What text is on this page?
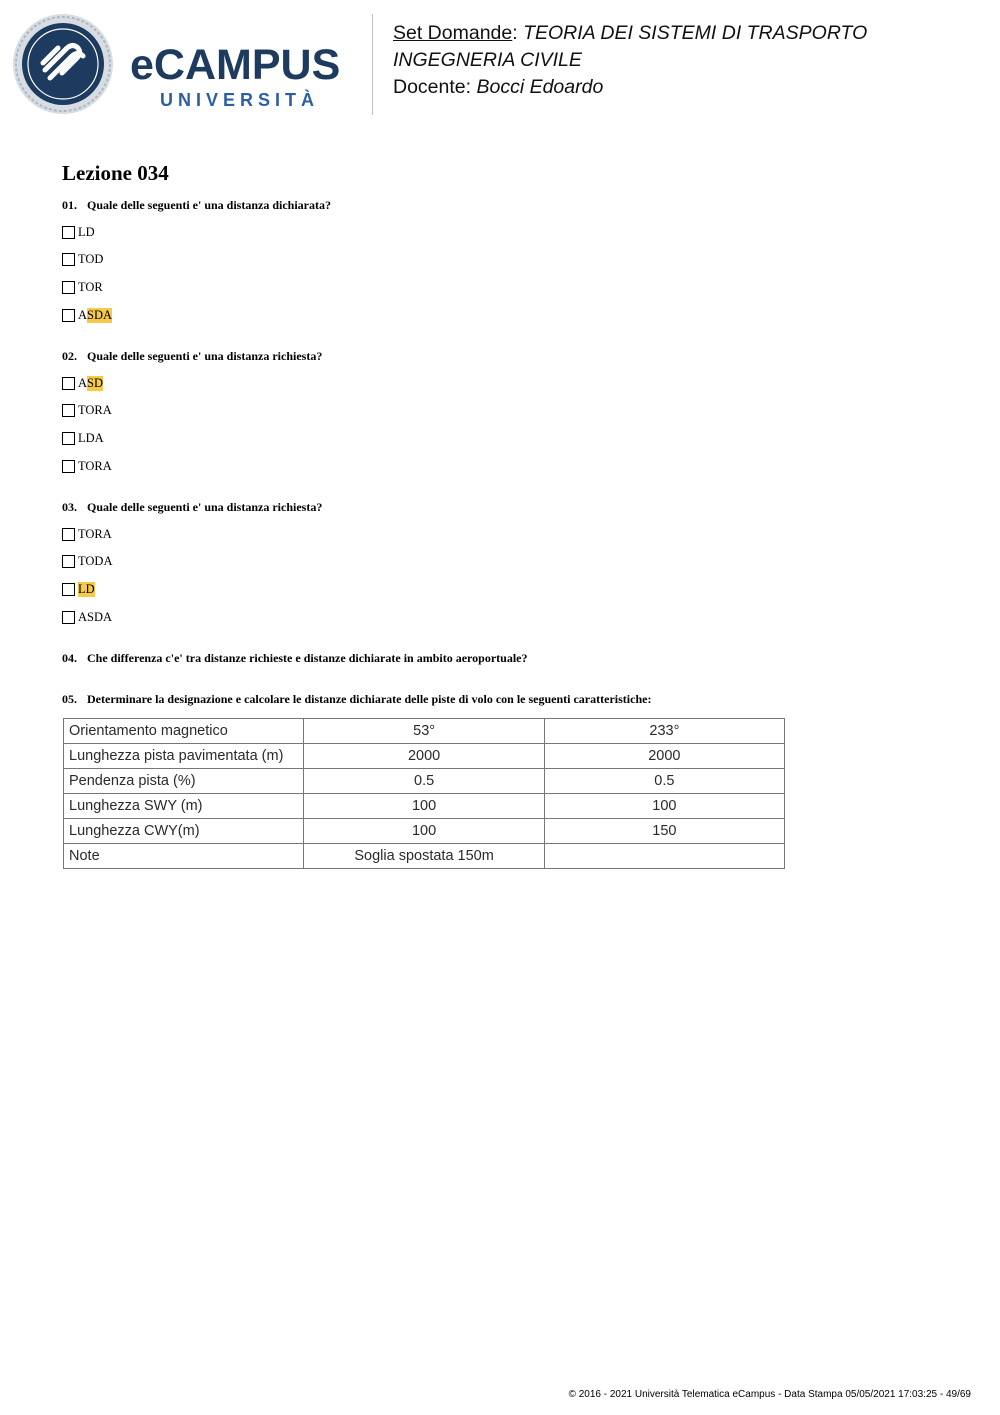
eCAMPUS
UNIVERSITÀ
Set Domande: TEORIA DEI SISTEMI DI TRASPORTO
INGEGNERIA CIVILE
Docente: Bocci Edoardo
Lezione 034
01. Quale delle seguenti e' una distanza dichiarata?
LD
TOD
TOR
A SDA
02. Quale delle seguenti e' una distanza richiesta?
A SD
TORA
LDA
TORA
03. Quale delle seguenti e' una distanza richiesta?
TORA
TODA
LD
ASDA
04. Che differenza c'e' tra distanze richieste e distanze dichiarate in ambito aeroportuale?
05. Determinare la designazione e calcolare le distanze dichiarate delle piste di volo con le seguenti caratteristiche:
Orientamento magnetico	53°	233°
Lunghezza pista pavimentata (m)	2000	2000
Pendenza pista (%)	0.5	0.5
Lunghezza SWY (m)	100	100
Lunghezza CWY(m)	100	150
Note	Soglia spostata 150m	
© 2016 - 2021 Università Telematica eCampus - Data Stampa 05/05/2021 17:03:25 - 49/69
